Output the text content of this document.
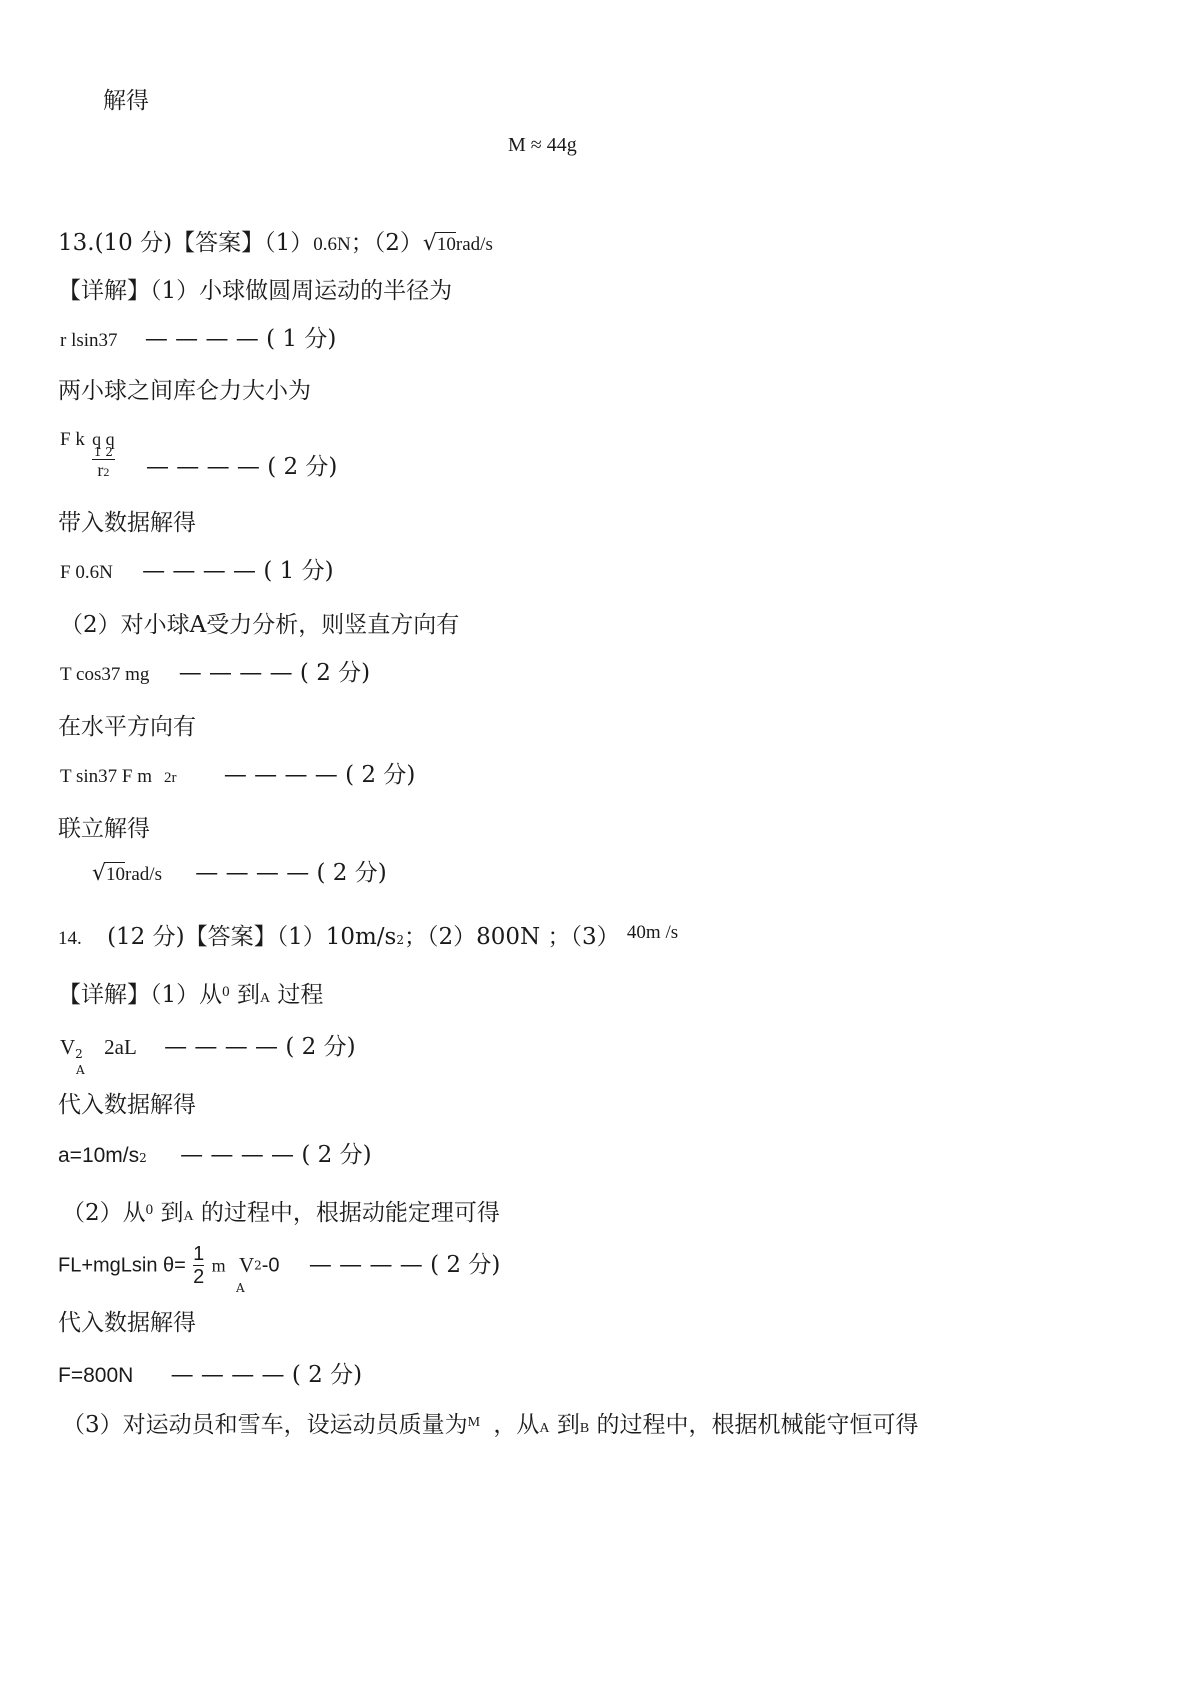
解得
M ≈ 44g
13.(10 分)【答案】（1）0.6N；（2）√10rad/s
【详解】（1）小球做圆周运动的半径为
r lsin37 — — — — ( 1 分)
两小球之间库仑力大小为
$^{F k}$ q q
1 2
r2 — — — — ( 2 分)
带入数据解得
F 0.6N — — — — ( 1 分)
（2）对小球A受力分析，则竖直方向有
T cos37 mg — — — — ( 2 分)
在水平方向有
T sin37 F m 2r — — — — ( 2 分)
联立解得
√10rad/s — — — — ( 2 分)
14. (12 分)【答案】（1）10m/s2；（2）800N ；（3） $^{40m /s}$
【详解】（1）从$^0$ 到A 过程
V2 2aL — — — — ( 2 分)
A
代入数据解得
a=10m/s2 — — — — ( 2 分)
（2）从$^0$ 到A 的过程中，根据动能定理可得
FL+mgLsin $\theta= \frac{1}{2}$ m V2-0 — — — — ( 2 分)
A
代入数据解得
F=800N — — — — ( 2 分)
（3）对运动员和雪车，设运动员质量为$^M$ ，从A 到B 的过程中，根据机械能守恒可得
